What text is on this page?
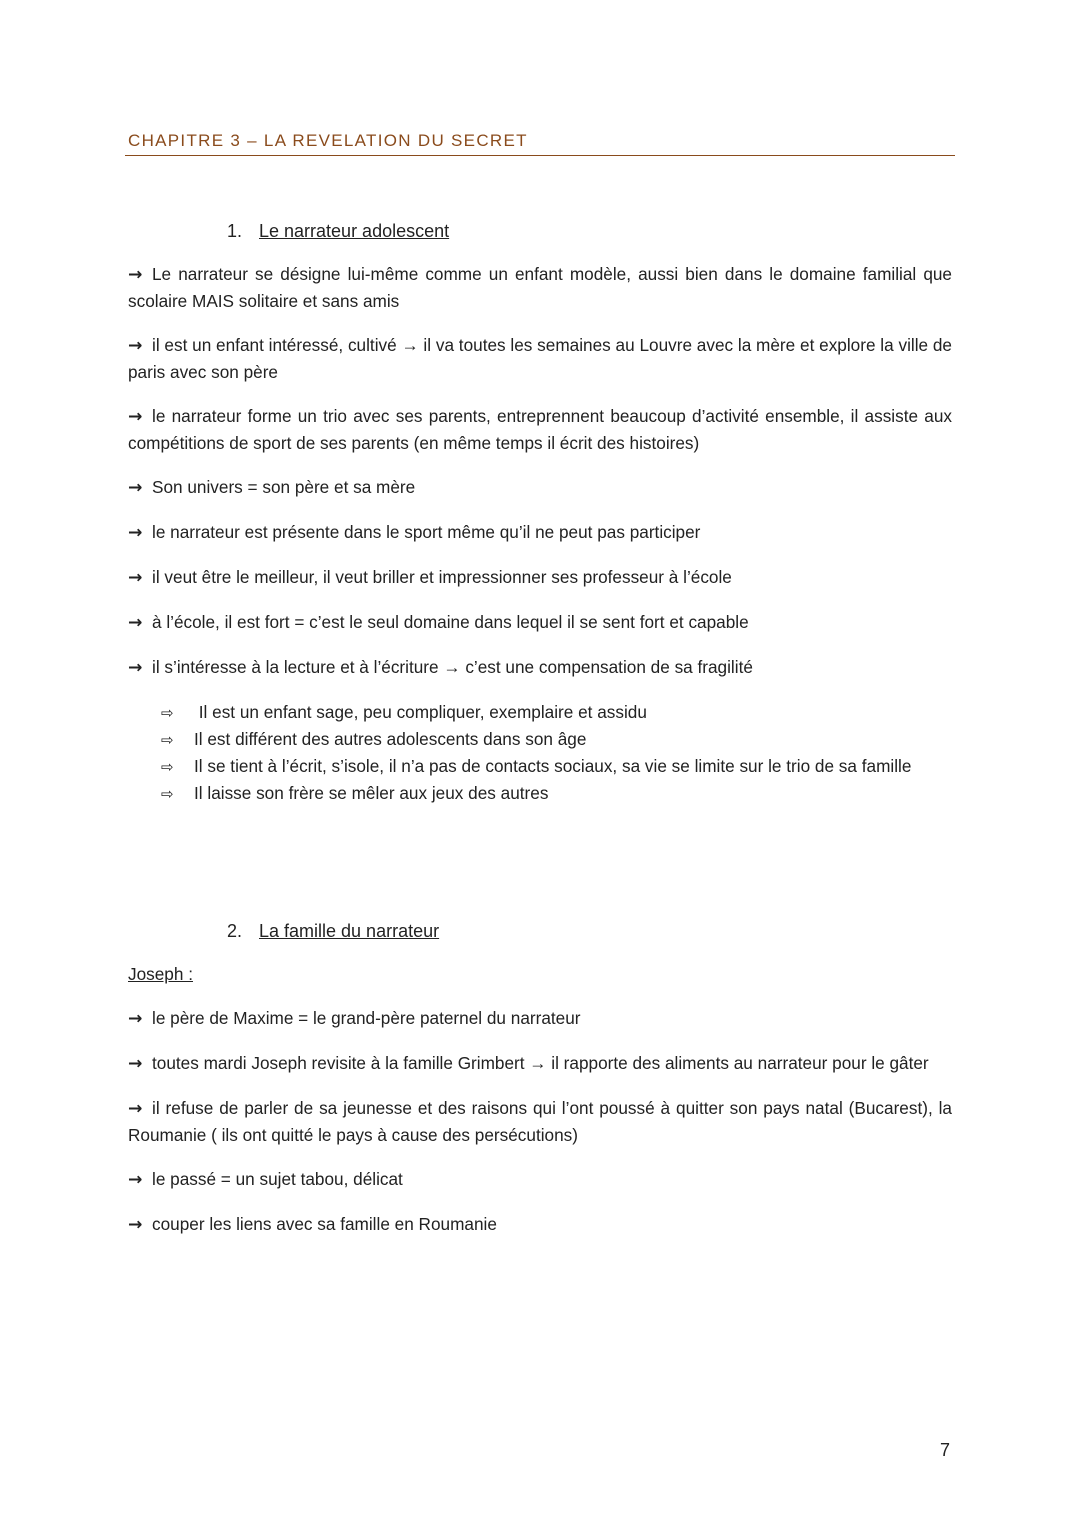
CHAPITRE 3 – LA REVELATION DU SECRET
1. Le narrateur adolescent

→ Le narrateur se désigne lui-même comme un enfant modèle, aussi bien dans le domaine familial que scolaire MAIS solitaire et sans amis

→ il est un enfant intéressé, cultivé → il va toutes les semaines au Louvre avec la mère et explore la ville de paris avec son père

→ le narrateur forme un trio avec ses parents, entreprennent beaucoup d’activité ensemble, il assiste aux compétitions de sport de ses parents (en même temps il écrit des histoires)

→ Son univers = son père et sa mère

→ le narrateur est présente dans le sport même qu’il ne peut pas participer

→ il veut être le meilleur, il veut briller et impressionner ses professeur à l’école

→ à l’école, il est fort = c’est le seul domaine dans lequel il se sent fort et capable

→ il s’intéresse à la lecture et à l’écriture → c’est une compensation de sa fragilité

⇨ Il est un enfant sage, peu compliquer, exemplaire et assidu
⇨ Il est différent des autres adolescents dans son âge
⇨ Il se tient à l’écrit, s’isole, il n’a pas de contacts sociaux, sa vie se limite sur le trio de sa famille
⇨ Il laisse son frère se mêler aux jeux des autres
2. La famille du narrateur

Joseph :

→ le père de Maxime = le grand-père paternel du narrateur

→ toutes mardi Joseph revisite à la famille Grimbert → il rapporte des aliments au narrateur pour le gâter

→ il refuse de parler de sa jeunesse et des raisons qui l’ont poussé à quitter son pays natal (Bucarest), la Roumanie ( ils ont quitté le pays à cause des persécutions)

→ le passé = un sujet tabou, délicat

→ couper les liens avec sa famille en Roumanie

7
